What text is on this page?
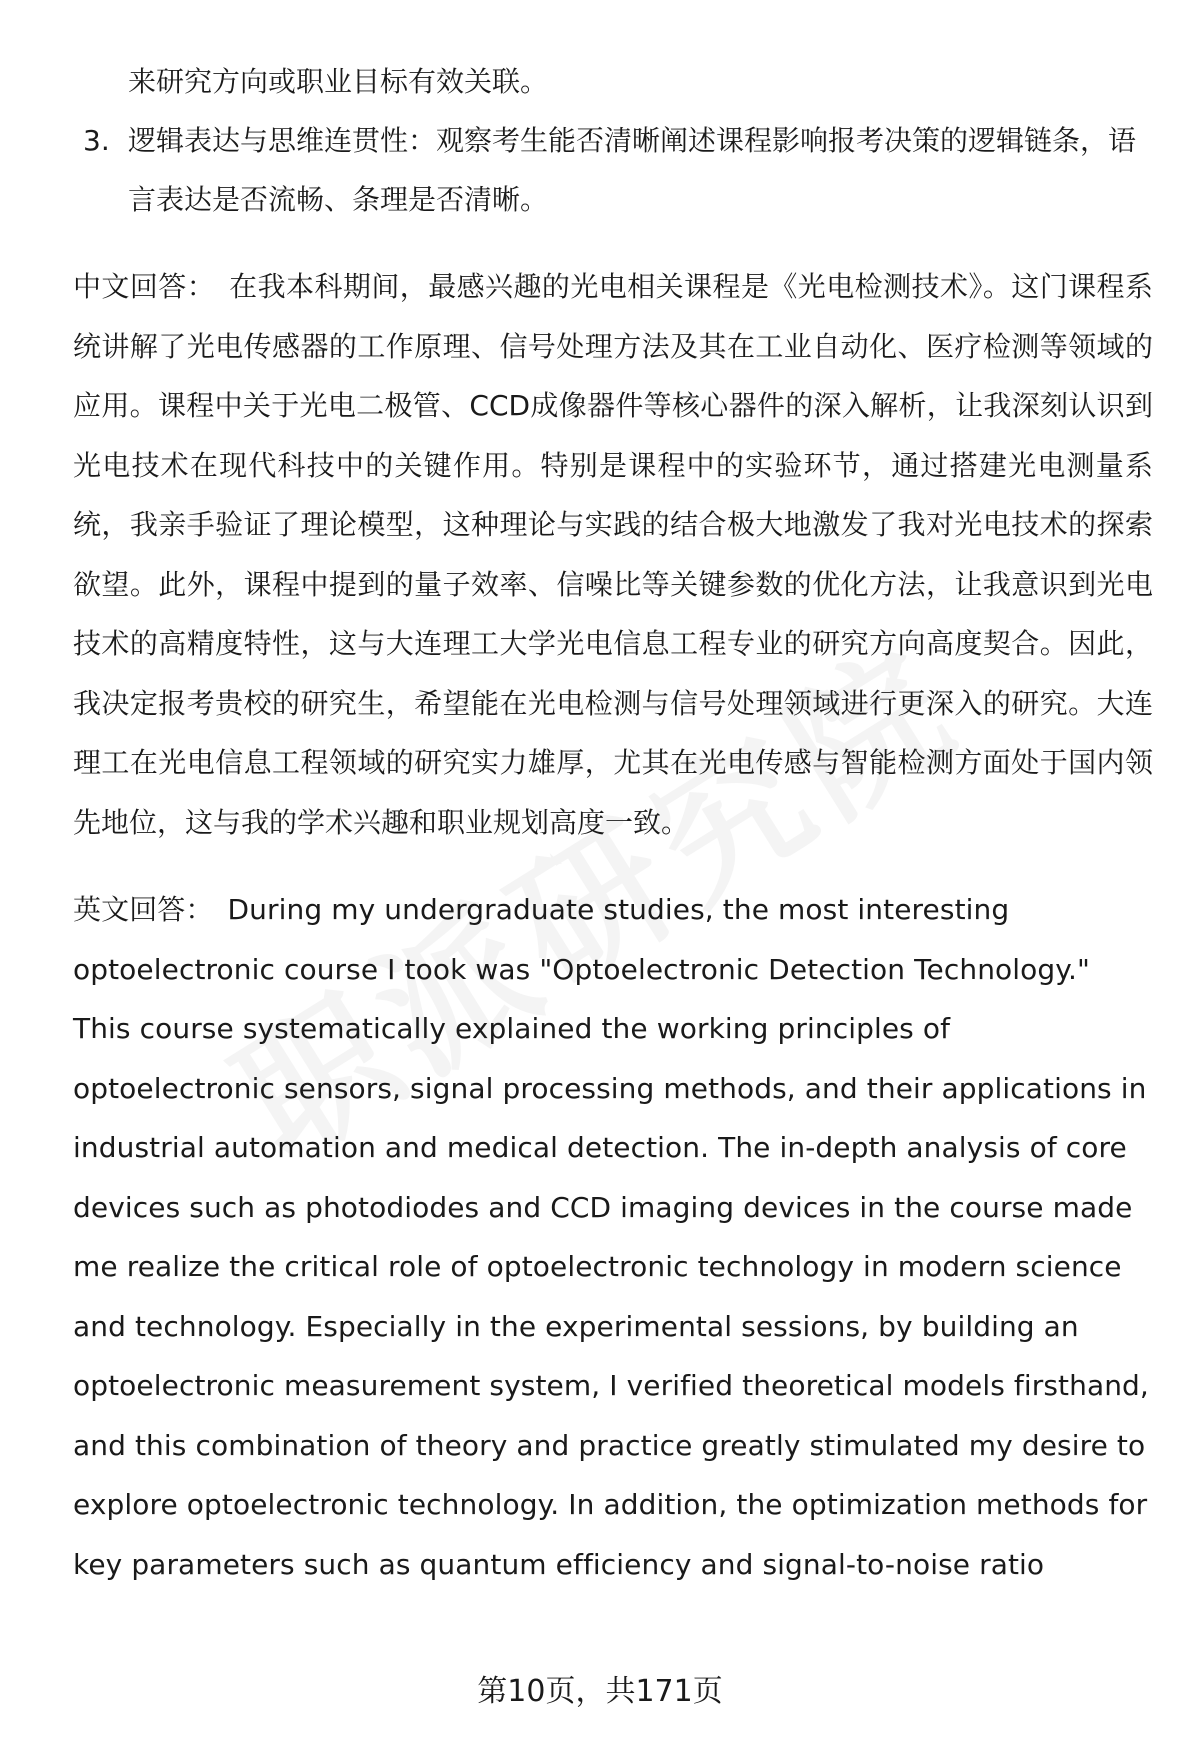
来研究方向或职业目标有效关联。
3. 逻辑表达与思维连贯性：观察考生能否清晰阐述课程影响报考决策的逻辑链条，语言表达是否流畅、条理是否清晰。

中文回答： 在我本科期间，最感兴趣的光电相关课程是《光电检测技术》。这门课程系统讲解了光电传感器的工作原理、信号处理方法及其在工业自动化、医疗检测等领域的应用。课程中关于光电二极管、CCD成像器件等核心器件的深入解析，让我深刻认识到光电技术在现代科技中的关键作用。特别是课程中的实验环节，通过搭建光电测量系统，我亲手验证了理论模型，这种理论与实践的结合极大地激发了我对光电技术的探索欲望。此外，课程中提到的量子效率、信噪比等关键参数的优化方法，让我意识到光电技术的高精度特性，这与大连理工大学光电信息工程专业的研究方向高度契合。因此，我决定报考贵校的研究生，希望能在光电检测与信号处理领域进行更深入的研究。大连理工在光电信息工程领域的研究实力雄厚，尤其在光电传感与智能检测方面处于国内领先地位，这与我的学术兴趣和职业规划高度一致。

英文回答： During my undergraduate studies, the most interesting optoelectronic course I took was "Optoelectronic Detection Technology." This course systematically explained the working principles of optoelectronic sensors, signal processing methods, and their applications in industrial automation and medical detection. The in-depth analysis of core devices such as photodiodes and CCD imaging devices in the course made me realize the critical role of optoelectronic technology in modern science and technology. Especially in the experimental sessions, by building an optoelectronic measurement system, I verified theoretical models firsthand, and this combination of theory and practice greatly stimulated my desire to explore optoelectronic technology. In addition, the optimization methods for key parameters such as quantum efficiency and signal-to-noise ratio

第10页，共171页
